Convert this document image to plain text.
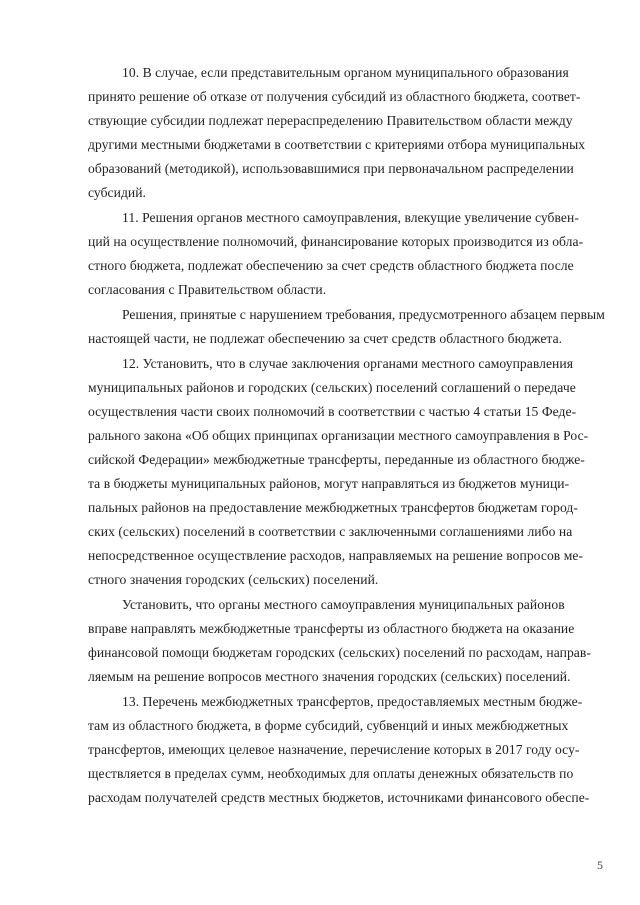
10. В случае, если представительным органом муниципального образования

принято решение об отказе от получения субсидий из областного бюджета, соответ-

ствующие субсидии подлежат перераспределению Правительством области между

другими местными бюджетами в соответствии с критериями отбора муниципальных

образований (методикой), использовавшимися при первоначальном распределении

субсидий.

11. Решения органов местного самоуправления, влекущие увеличение субвен-

ций на осуществление полномочий, финансирование которых производится из обла-

стного бюджета, подлежат обеспечению за счет средств областного бюджета после

согласования с Правительством области.

Решения, принятые с нарушением требования, предусмотренного абзацем первым

настоящей части, не подлежат обеспечению за счет средств областного бюджета.

12. Установить, что в случае заключения органами местного самоуправления

муниципальных районов и городских (сельских) поселений соглашений о передаче

осуществления части своих полномочий в соответствии с частью 4 статьи 15 Феде-

рального закона «Об общих принципах организации местного самоуправления в Рос-

сийской Федерации» межбюджетные трансферты, переданные из областного бюдже-

та в бюджеты муниципальных районов, могут направляться из бюджетов муници-

пальных районов на предоставление межбюджетных трансфертов бюджетам город-

ских (сельских) поселений в соответствии с заключенными соглашениями либо на

непосредственное осуществление расходов, направляемых на решение вопросов ме-

стного значения городских (сельских) поселений.

Установить, что органы местного самоуправления муниципальных районов

вправе направлять межбюджетные трансферты из областного бюджета на оказание

финансовой помощи бюджетам городских (сельских) поселений по расходам, направ-

ляемым на решение вопросов местного значения городских (сельских) поселений.

13. Перечень межбюджетных трансфертов, предоставляемых местным бюдже-

там из областного бюджета, в форме субсидий, субвенций и иных межбюджетных

трансфертов, имеющих целевое назначение, перечисление которых в 2017 году осу-

ществляется в пределах сумм, необходимых для оплаты денежных обязательств по

расходам получателей средств местных бюджетов, источниками финансового обеспе-

5
